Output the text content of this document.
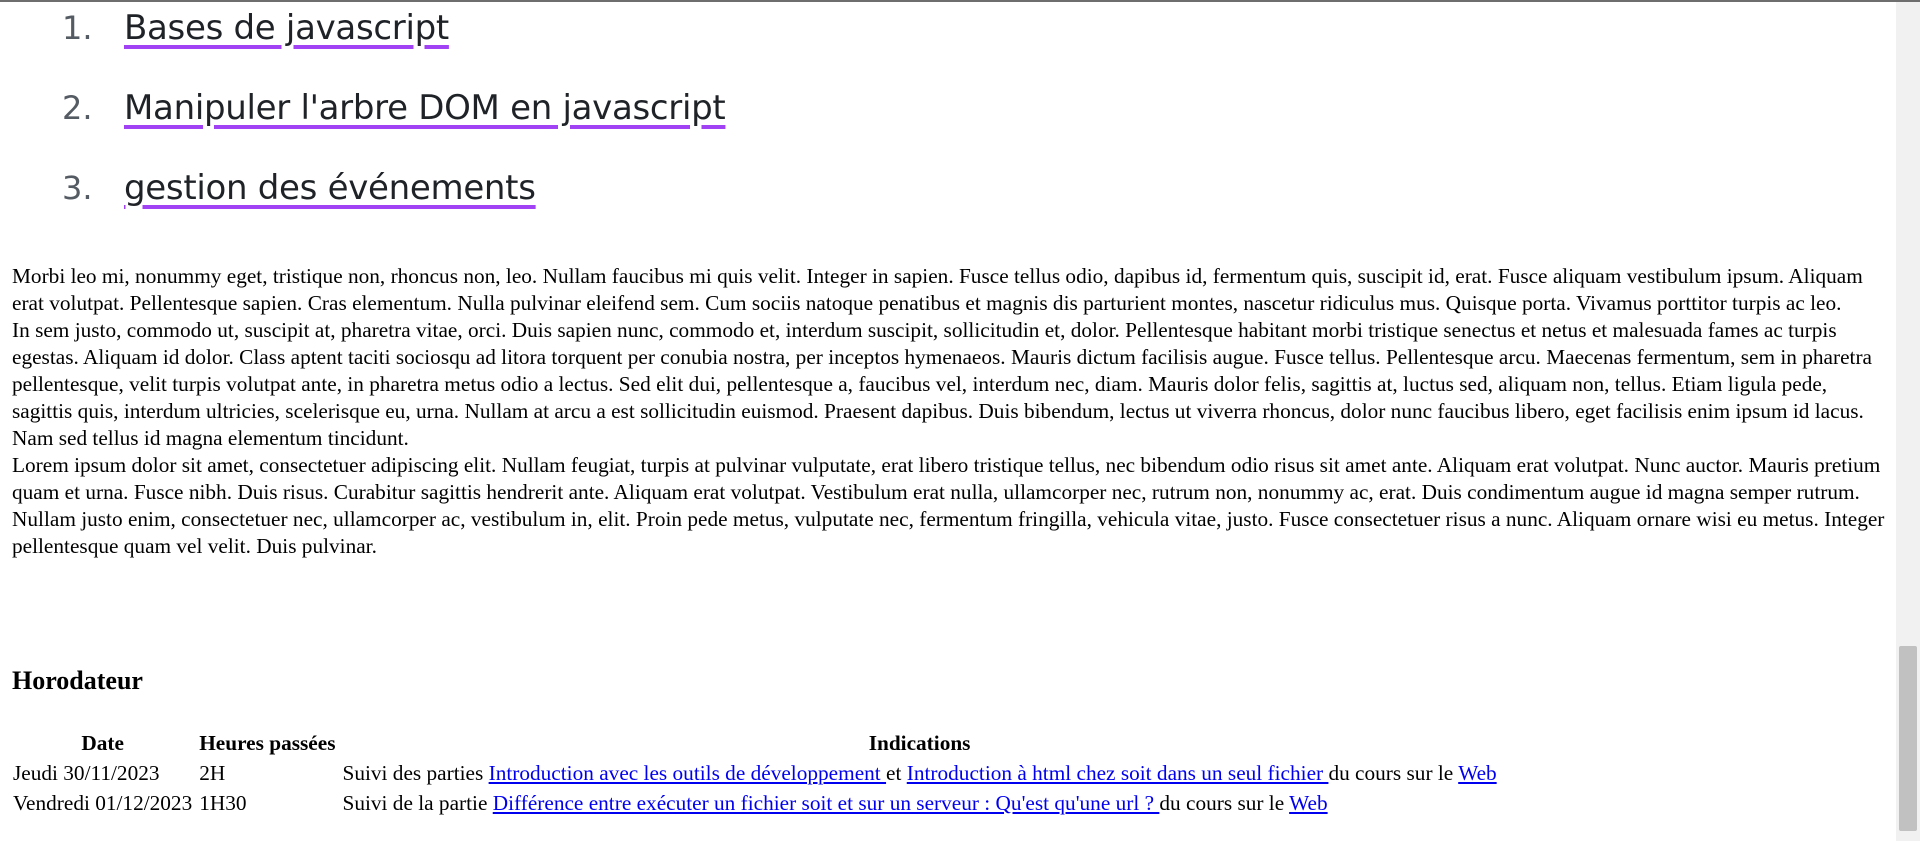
1. Bases de javascript
2. Manipuler l'arbre DOM en javascript
3. gestion des événements

Morbi leo mi, nonummy eget, tristique non, rhoncus non, leo. Nullam faucibus mi quis velit. Integer in sapien. Fusce tellus odio, dapibus id, fermentum quis, suscipit id, erat. Fusce aliquam vestibulum ipsum. Aliquam erat volutpat. Pellentesque sapien. Cras elementum. Nulla pulvinar eleifend sem. Cum sociis natoque penatibus et magnis dis parturient montes, nascetur ridiculus mus. Quisque porta. Vivamus porttitor turpis ac leo.

In sem justo, commodo ut, suscipit at, pharetra vitae, orci. Duis sapien nunc, commodo et, interdum suscipit, sollicitudin et, dolor. Pellentesque habitant morbi tristique senectus et netus et malesuada fames ac turpis egestas. Aliquam id dolor. Class aptent taciti sociosqu ad litora torquent per conubia nostra, per inceptos hymenaeos. Mauris dictum facilisis augue. Fusce tellus. Pellentesque arcu. Maecenas fermentum, sem in pharetra pellentesque, velit turpis volutpat ante, in pharetra metus odio a lectus. Sed elit dui, pellentesque a, faucibus vel, interdum nec, diam. Mauris dolor felis, sagittis at, luctus sed, aliquam non, tellus. Etiam ligula pede, sagittis quis, interdum ultricies, scelerisque eu, urna. Nullam at arcu a est sollicitudin euismod. Praesent dapibus. Duis bibendum, lectus ut viverra rhoncus, dolor nunc faucibus libero, eget facilisis enim ipsum id lacus. Nam sed tellus id magna elementum tincidunt.

Lorem ipsum dolor sit amet, consectetuer adipiscing elit. Nullam feugiat, turpis at pulvinar vulputate, erat libero tristique tellus, nec bibendum odio risus sit amet ante. Aliquam erat volutpat. Nunc auctor. Mauris pretium quam et urna. Fusce nibh. Duis risus. Curabitur sagittis hendrerit ante. Aliquam erat volutpat. Vestibulum erat nulla, ullamcorper nec, rutrum non, nonummy ac, erat. Duis condimentum augue id magna semper rutrum. Nullam justo enim, consectetuer nec, ullamcorper ac, vestibulum in, elit. Proin pede metus, vulputate nec, fermentum fringilla, vehicula vitae, justo. Fusce consectetuer risus a nunc. Aliquam ornare wisi eu metus. Integer pellentesque quam vel velit. Duis pulvinar.

Horodateur
Date	Heures passées	Indications
Jeudi 30/11/2023	2H	Suivi des parties Introduction avec les outils de développement et Introduction à html chez soit dans un seul fichier du cours sur le Web
Vendredi 01/12/2023	1H30	Suivi de la partie Différence entre exécuter un fichier soit et sur un serveur : Qu'est qu'une url ? du cours sur le Web
